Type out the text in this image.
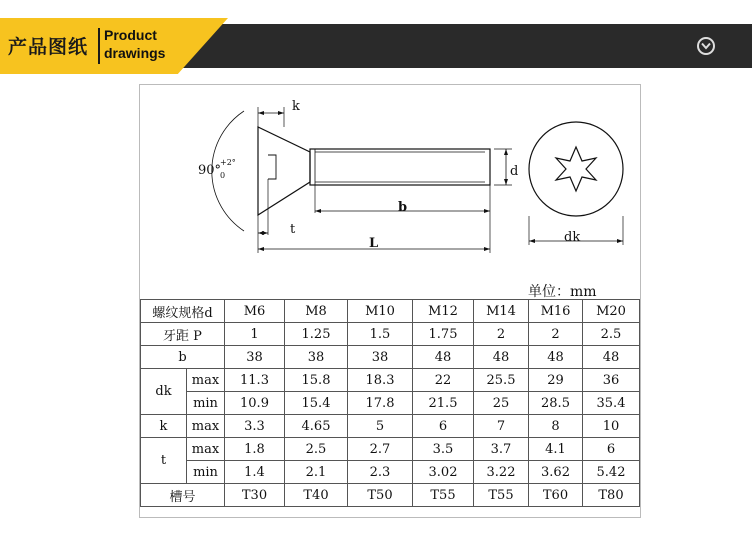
产品图纸
Product
drawings
k
b
t
L
d
dk
90°
+2°
0
单位：mm
螺纹规格d		M6	M8	M10	M12	M14	M16	M20
牙距 P		1	1.25	1.5	1.75	2	2	2.5
b		38	38	38	48	48	48	48
dk	max	11.3	15.8	18.3	22	25.5	29	36
	min	10.9	15.4	17.8	21.5	25	28.5	35.4
k	max	3.3	4.65	5	6	7	8	10
t	max	1.8	2.5	2.7	3.5	3.7	4.1	6
	min	1.4	2.1	2.3	3.02	3.22	3.62	5.42
槽号		T30	T40	T50	T55	T55	T60	T80
